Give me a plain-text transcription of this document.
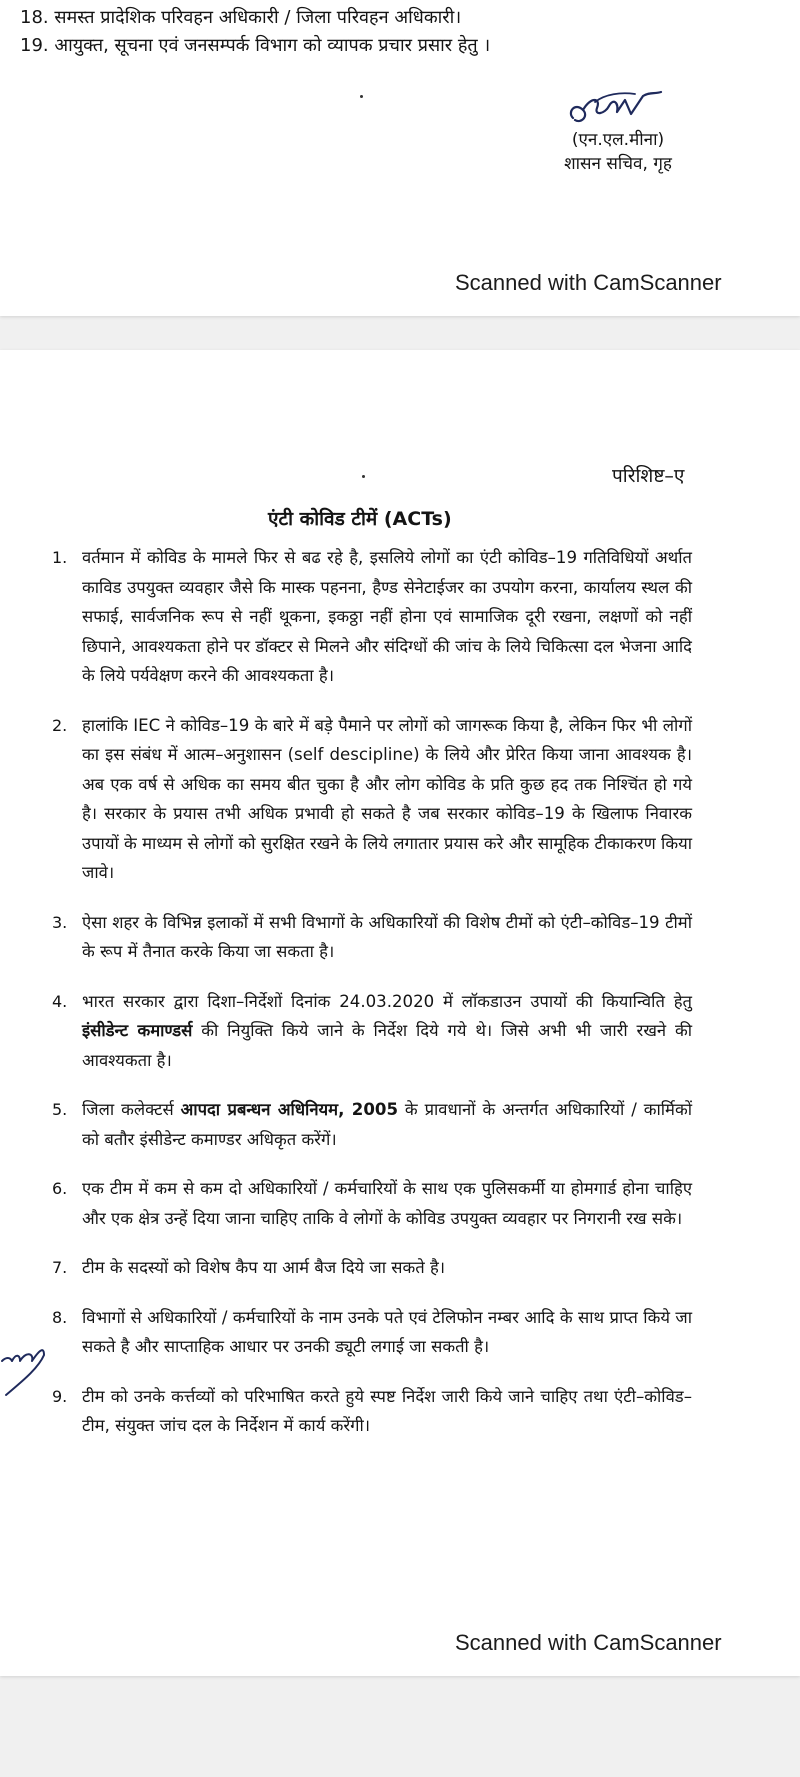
18. समस्त प्रादेशिक परिवहन अधिकारी / जिला परिवहन अधिकारी।
19. आयुक्त, सूचना एवं जनसम्पर्क विभाग को व्यापक प्रचार प्रसार हेतु ।
(एन.एल.मीना)
शासन सचिव, गृह
Scanned with CamScanner
परिशिष्ट–ए
एंटी कोविड टीमें (ACTs)
1. वर्तमान में कोविड के मामले फिर से बढ रहे है, इसलिये लोगों का एंटी कोविड–19 गतिविधियों अर्थात काविड उपयुक्त व्यवहार जैसे कि मास्क पहनना, हैण्ड सेनेटाईजर का उपयोग करना, कार्यालय स्थल की सफाई, सार्वजनिक रूप से नहीं थूकना, इकठ्ठा नहीं होना एवं सामाजिक दूरी रखना, लक्षणों को नहीं छिपाने, आवश्यकता होने पर डॉक्टर से मिलने और संदिग्धों की जांच के लिये चिकित्सा दल भेजना आदि के लिये पर्यवेक्षण करने की आवश्यकता है।
2. हालांकि IEC ने कोविड–19 के बारे में बड़े पैमाने पर लोगों को जागरूक किया है, लेकिन फिर भी लोगों का इस संबंध में आत्म–अनुशासन (self descipline) के लिये और प्रेरित किया जाना आवश्यक है। अब एक वर्ष से अधिक का समय बीत चुका है और लोग कोविड के प्रति कुछ हद तक निश्चिंत हो गये है। सरकार के प्रयास तभी अधिक प्रभावी हो सकते है जब सरकार कोविड–19 के खिलाफ निवारक उपायों के माध्यम से लोगों को सुरक्षित रखने के लिये लगातार प्रयास करे और सामूहिक टीकाकरण किया जावे।
3. ऐसा शहर के विभिन्न इलाकों में सभी विभागों के अधिकारियों की विशेष टीमों को एंटी–कोविड–19 टीमों के रूप में तैनात करके किया जा सकता है।
4. भारत सरकार द्वारा दिशा–निर्देशों दिनांक 24.03.2020 में लॉकडाउन उपायों की कियान्विति हेतु इंसीडेन्ट कमाण्डर्स की नियुक्ति किये जाने के निर्देश दिये गये थे। जिसे अभी भी जारी रखने की आवश्यकता है।
5. जिला कलेक्टर्स आपदा प्रबन्धन अधिनियम, 2005 के प्रावधानों के अन्तर्गत अधिकारियों / कार्मिकों को बतौर इंसीडेन्ट कमाण्डर अधिकृत करेंगें।
6. एक टीम में कम से कम दो अधिकारियों / कर्मचारियों के साथ एक पुलिसकर्मी या होमगार्ड होना चाहिए और एक क्षेत्र उन्हें दिया जाना चाहिए ताकि वे लोगों के कोविड उपयुक्त व्यवहार पर निगरानी रख सके।
7. टीम के सदस्यों को विशेष कैप या आर्म बैज दिये जा सकते है।
8. विभागों से अधिकारियों / कर्मचारियों के नाम उनके पते एवं टेलिफोन नम्बर आदि के साथ प्राप्त किये जा सकते है और साप्ताहिक आधार पर उनकी ड्यूटी लगाई जा सकती है।
9. टीम को उनके कर्त्तव्यों को परिभाषित करते हुये स्पष्ट निर्देश जारी किये जाने चाहिए तथा एंटी–कोविड–टीम, संयुक्त जांच दल के निर्देशन में कार्य करेंगी।
Scanned with CamScanner
